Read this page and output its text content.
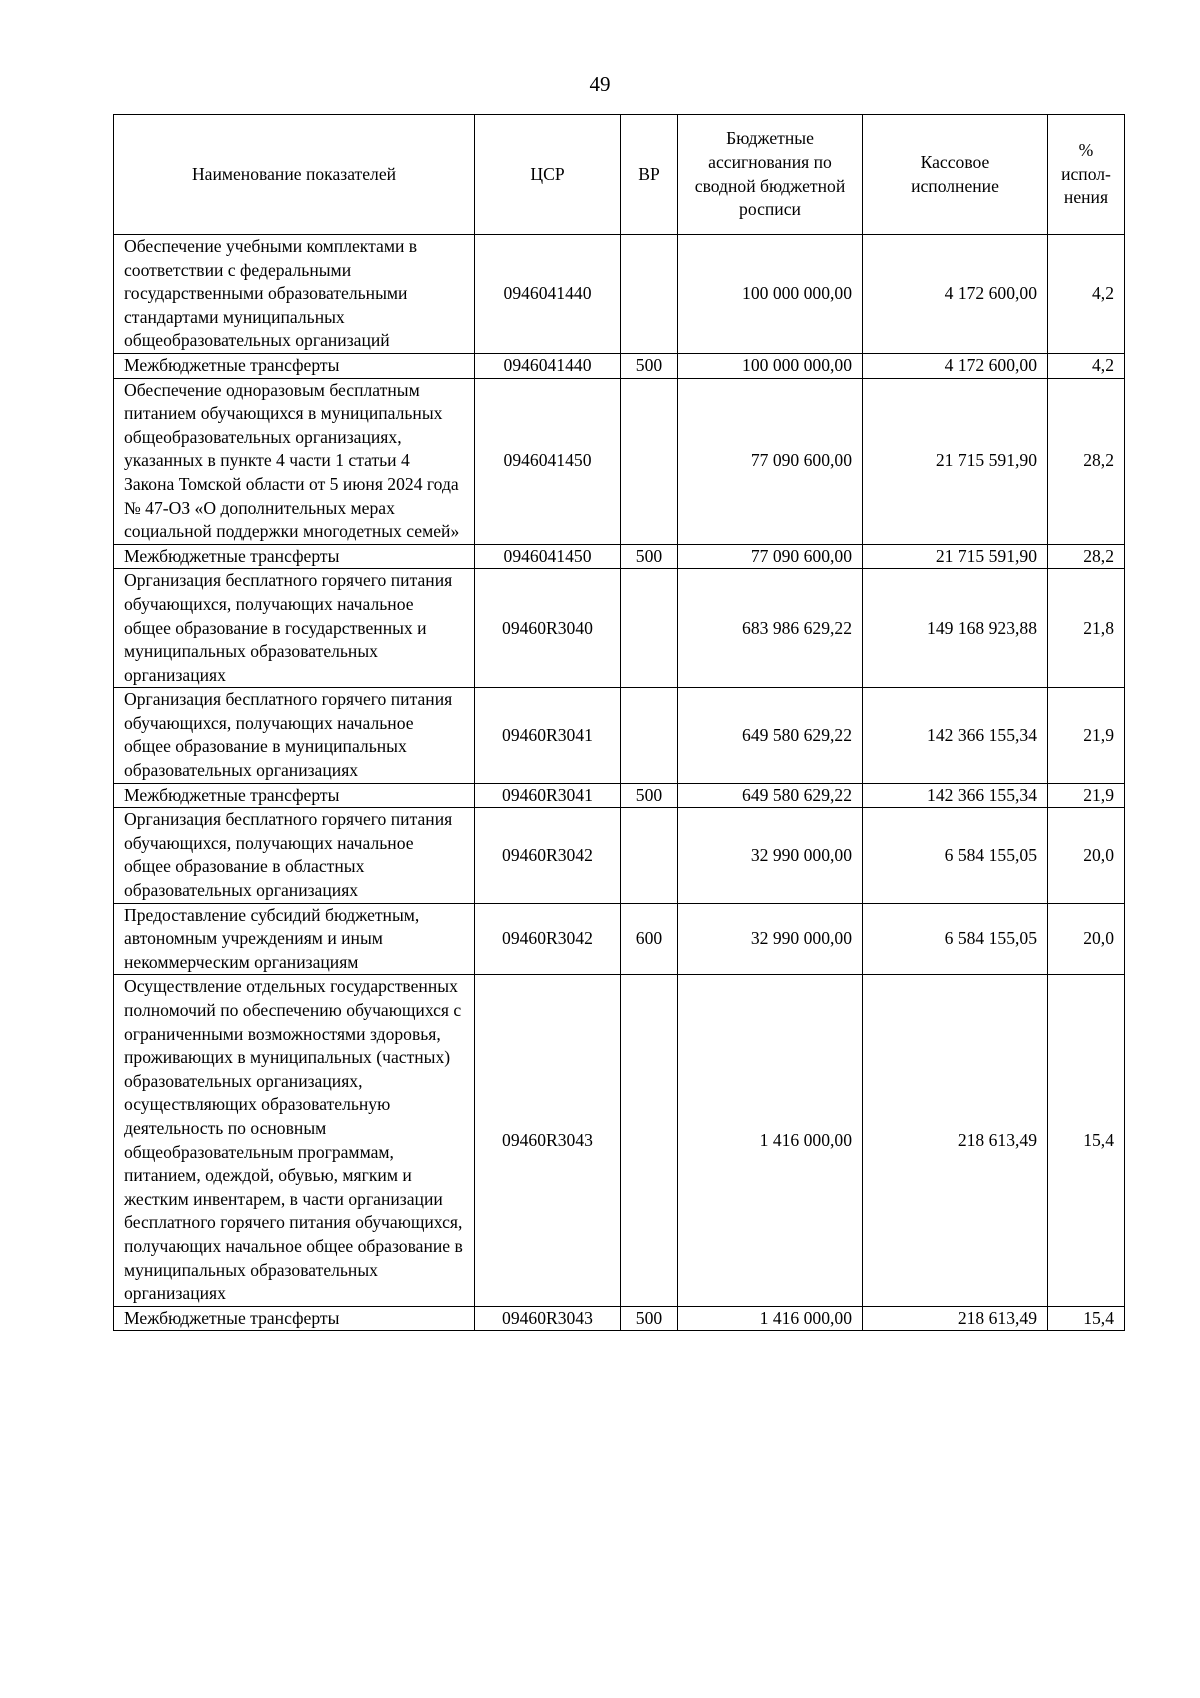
49
Наименование показателей	ЦСР	ВР	Бюджетные ассигнования по сводной бюджетной росписи	Кассовое исполнение	% испол-нения
Обеспечение учебными комплектами в соответствии с федеральными государственными образовательными стандартами муниципальных общеобразовательных организаций	0946041440		100 000 000,00	4 172 600,00	4,2
Межбюджетные трансферты	0946041440	500	100 000 000,00	4 172 600,00	4,2
Обеспечение одноразовым бесплатным питанием обучающихся в муниципальных общеобразовательных организациях, указанных в пункте 4 части 1 статьи 4 Закона Томской области от 5 июня 2024 года № 47-ОЗ «О дополнительных мерах социальной поддержки многодетных семей»	0946041450		77 090 600,00	21 715 591,90	28,2
Межбюджетные трансферты	0946041450	500	77 090 600,00	21 715 591,90	28,2
Организация бесплатного горячего питания обучающихся, получающих начальное общее образование в государственных и муниципальных образовательных организациях	09460R3040		683 986 629,22	149 168 923,88	21,8
Организация бесплатного горячего питания обучающихся, получающих начальное общее образование в муниципальных образовательных организациях	09460R3041		649 580 629,22	142 366 155,34	21,9
Межбюджетные трансферты	09460R3041	500	649 580 629,22	142 366 155,34	21,9
Организация бесплатного горячего питания обучающихся, получающих начальное общее образование в областных образовательных организациях	09460R3042		32 990 000,00	6 584 155,05	20,0
Предоставление субсидий бюджетным, автономным учреждениям и иным некоммерческим организациям	09460R3042	600	32 990 000,00	6 584 155,05	20,0
Осуществление отдельных государственных полномочий по обеспечению обучающихся с ограниченными возможностями здоровья, проживающих в муниципальных (частных) образовательных организациях, осуществляющих образовательную деятельность по основным общеобразовательным программам, питанием, одеждой, обувью, мягким и жестким инвентарем, в части организации бесплатного горячего питания обучающихся, получающих начальное общее образование в муниципальных образовательных организациях	09460R3043		1 416 000,00	218 613,49	15,4
Межбюджетные трансферты	09460R3043	500	1 416 000,00	218 613,49	15,4
